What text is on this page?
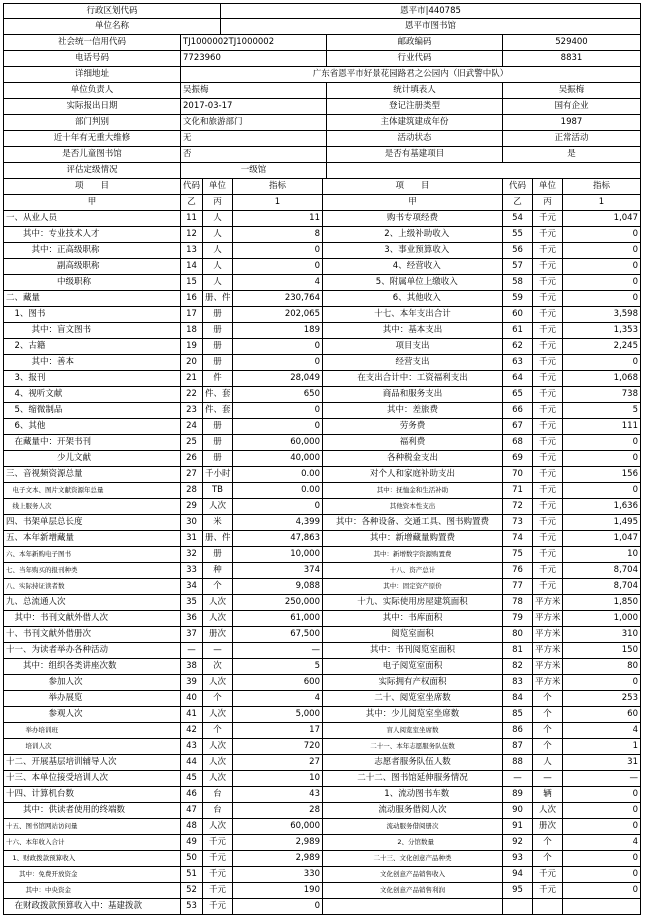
行政区划代码	恩平市|440785
单位名称	恩平市图书馆
社会统一信用代码	TJ1000002TJ1000002	邮政编码	529400
电话号码	7723960	行业代码	8831
详细地址	广东省恩平市好景花园路君之公园内（旧武警中队）
单位负责人	吴振梅	统计填表人	吴振梅
实际报出日期	2017-03-17	登记注册类型	国有企业
部门判别	文化和旅游部门	主体建筑建成年份	1987
近十年有无重大维修	无	活动状态	正常活动
是否儿童图书馆	否	是否有基建项目	是
评估定级情况	一级馆
项　　目	代码	单位	指标	项　　目	代码	单位	指标
甲	乙	丙	1	甲	乙	丙	1
一、从业人员	11	人	11	购书专项经费	54	千元	1,047
　　其中：专业技术人才	12	人	8	　2、上级补助收入	55	千元	0
　　　其中：正高级职称	13	人	0	　3、事业预算收入	56	千元	0
　　　　　　副高级职称	14	人	0	　4、经营收入	57	千元	0
　　　　　　中级职称	15	人	4	　5、附属单位上缴收入	58	千元	0
二、藏量	16 册、件	230,764	　6、其他收入	59	千元	0
　1、图书	17	册	202,065	十七、本年支出合计	60	千元	3,598
　　　其中：盲文图书	18	册	189	其中：基本支出	61	千元	1,353
　2、古籍	19	册	0	项目支出	62	千元	2,245
　　　其中：善本	20	册	0	经营支出	63	千元	0
　3、报刊	21	件	28,049	在支出合计中：工资福利支出	64	千元	1,068
　4、视听文献	22 件、套	650	商品和服务支出	65	千元	738
　5、缩微制品	23 件、套	0	其中：差旅费	66	千元	5
　6、其他	24	册	0	劳务费	67	千元	111
　在藏量中：开架书刊	25	册	60,000	福利费	68	千元	0
　　　　　　少儿文献	26	册	40,000	各种税金支出	69	千元	0
三、音视频资源总量	27 千小时	0.00	对个人和家庭补助支出	70	千元	156
　电子文本、图片文献资源年总量	28	TB	0.00	其中：抚恤金和生活补助	71	千元	0
　线上服务人次	29	人次	0	其他资本性支出	72	千元	1,636
四、书架单层总长度	30	米	4,399	其中：各种设备、交通工具、图书购置费	73	千元	1,495
五、本年新增藏量	31 册、件	47,863	其中：新增藏量购置费	74	千元	1,047
六、本年新购电子图书	32	册	10,000	其中：新增数字资源购置费	75	千元	10
七、当年购买的报刊种类	33	种	374	十八、资产总计	76	千元	8,704
八、实际持证读者数	34	个	9,088	其中：固定资产原价	77	千元	8,704
九、总流通人次	35	人次	250,000	十九、实际使用房屋建筑面积	78	平方米	1,850
　其中：书刊文献外借人次	36	人次	61,000	其中：书库面积	79	平方米	1,000
十、书刊文献外借册次	37	册次	67,500	阅览室面积	80	平方米	310
十一、为读者举办各种活动	—	—	—	其中：书刊阅览室面积	81	平方米	150
　　其中：组织各类讲座次数	38	次	5	电子阅览室面积	82	平方米	80
　　　　　参加人次	39	人次	600	实际拥有产权面积	83	平方米	0
　　　　　举办展览	40	个	4	二十、阅览室坐席数	84	个	253
　　　　　参观人次	41	人次	5,000	其中：少儿阅览室坐席数	85	个	60
　　　举办培训班	42	个	17	盲人阅览室坐席数	86	个	4
　　　培训人次	43	人次	720	二十一、本年志愿服务队伍数	87	个	1
十二、开展基层培训辅导人次	44	人次	27	志愿者服务队伍人数	88	人	31
十三、本单位接受培训人次	45	人次	10	二十二、图书馆延伸服务情况	—	—	—
十四、计算机台数	46	台	43	　1、流动图书车数	89	辆	0
　　其中：供读者使用的终端数	47	台	28	流动服务借阅人次	90	人次	0
十五、图书馆网站访问量	48	人次	60,000	流动服务借阅册次	91	册次	0
十六、本年收入合计	49	千元	2,989	　2、分馆数量	92	个	4
　1、财政拨款预算收入	50	千元	2,989	二十三、文化创意产品种类	93	个	0
　　其中：免费开放资金	51	千元	330	文化创意产品销售收入	94	千元	0
　　　其中：中央资金	52	千元	190	文化创意产品销售利润	95	千元	0
　在财政拨款预算收入中：基建拨款	53	千元	0
